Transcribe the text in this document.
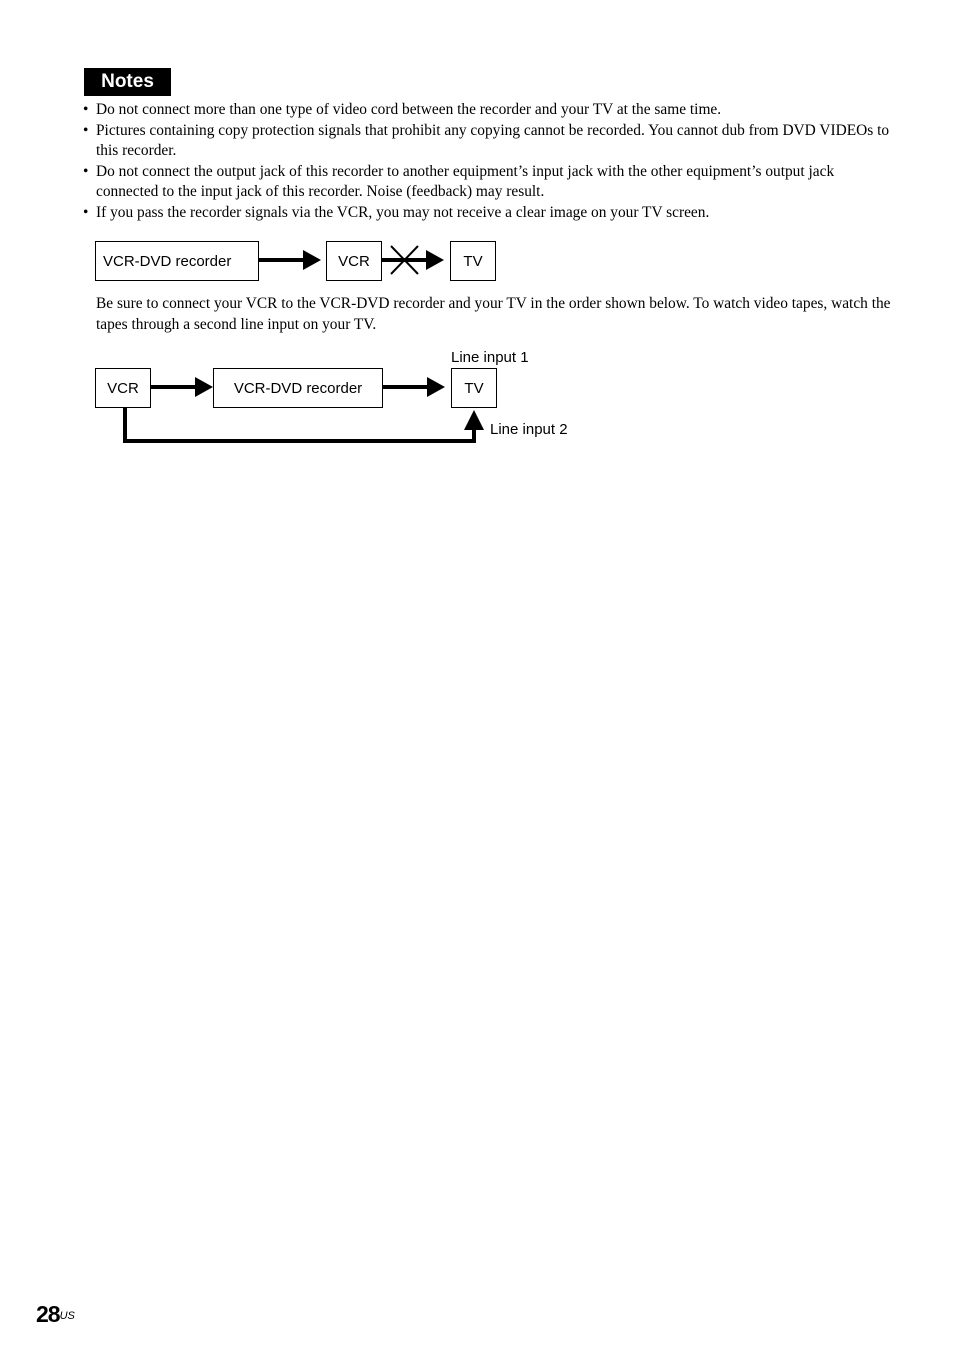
Notes
• Do not connect more than one type of video cord between the recorder and your TV at the same time.
• Pictures containing copy protection signals that prohibit any copying cannot be recorded. You cannot dub from DVD VIDEOs to this recorder.
• Do not connect the output jack of this recorder to another equipment’s input jack with the other equipment’s output jack connected to the input jack of this recorder. Noise (feedback) may result.
• If you pass the recorder signals via the VCR, you may not receive a clear image on your TV screen.
VCR-DVD recorder	VCR	TV

Be sure to connect your VCR to the VCR-DVD recorder and your TV in the order shown below. To watch video tapes, watch the tapes through a second line input on your TV.

Line input 1
VCR	VCR-DVD recorder	TV
Line input 2
$28^{US}$
